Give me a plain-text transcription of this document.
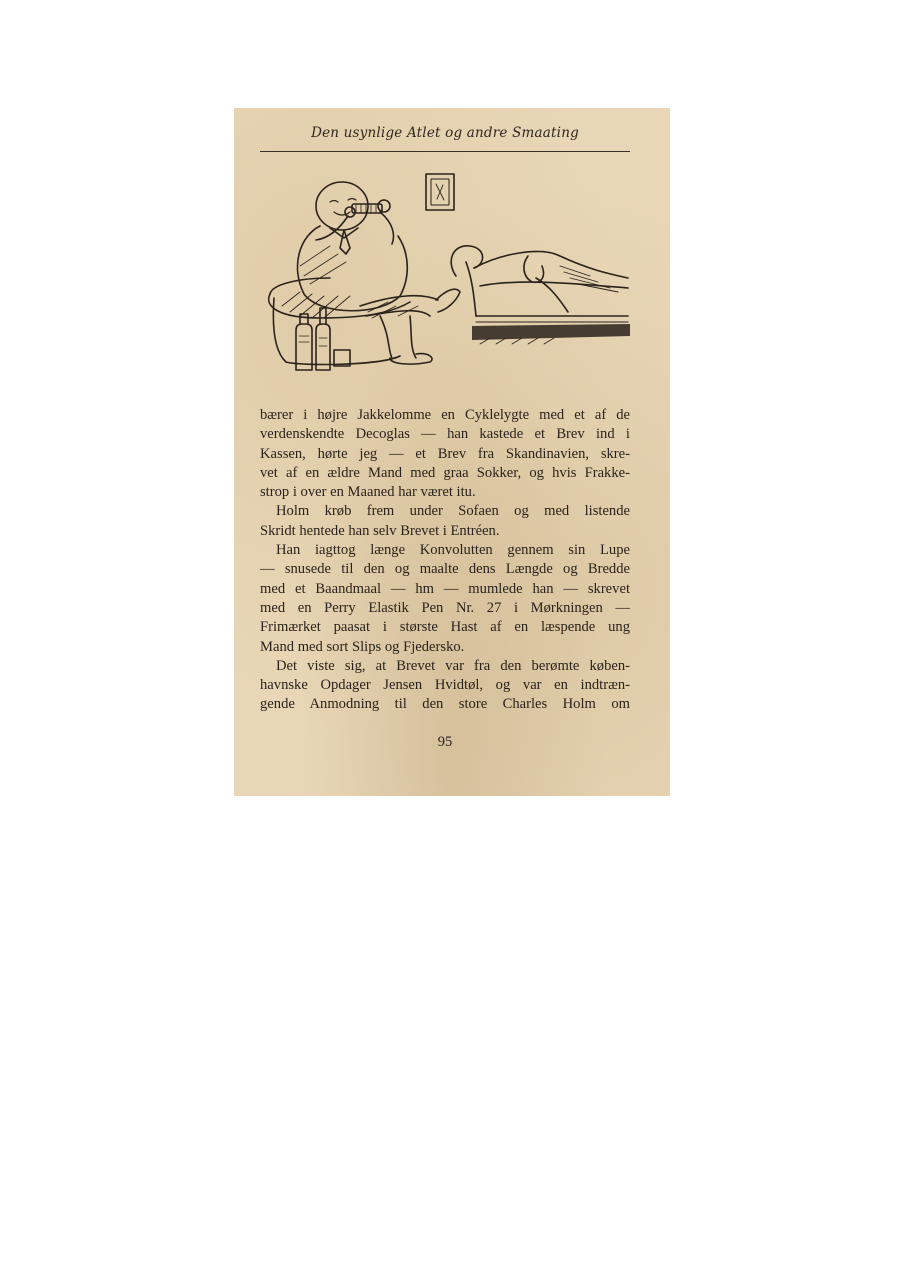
Den usynlige Atlet og andre Smaating
bærer i højre Jakkelomme en Cyklelygte med et af de
verdenskendte Decoglas — han kastede et Brev ind i
Kassen, hørte jeg — et Brev fra Skandinavien, skre-
vet af en ældre Mand med graa Sokker, og hvis Frakke-
strop i over en Maaned har været itu.
Holm krøb frem under Sofaen og med listende
Skridt hentede han selv Brevet i Entréen.
Han iagttog længe Konvolutten gennem sin Lupe
— snusede til den og maalte dens Længde og Bredde
med et Baandmaal — hm — mumlede han — skrevet
med en Perry Elastik Pen Nr. 27 i Mørkningen —
Frimærket paasat i største Hast af en læspende ung
Mand med sort Slips og Fjedersko.
Det viste sig, at Brevet var fra den berømte køben-
havnske Opdager Jensen Hvidtøl, og var en indtræn-
gende Anmodning til den store Charles Holm om
95
